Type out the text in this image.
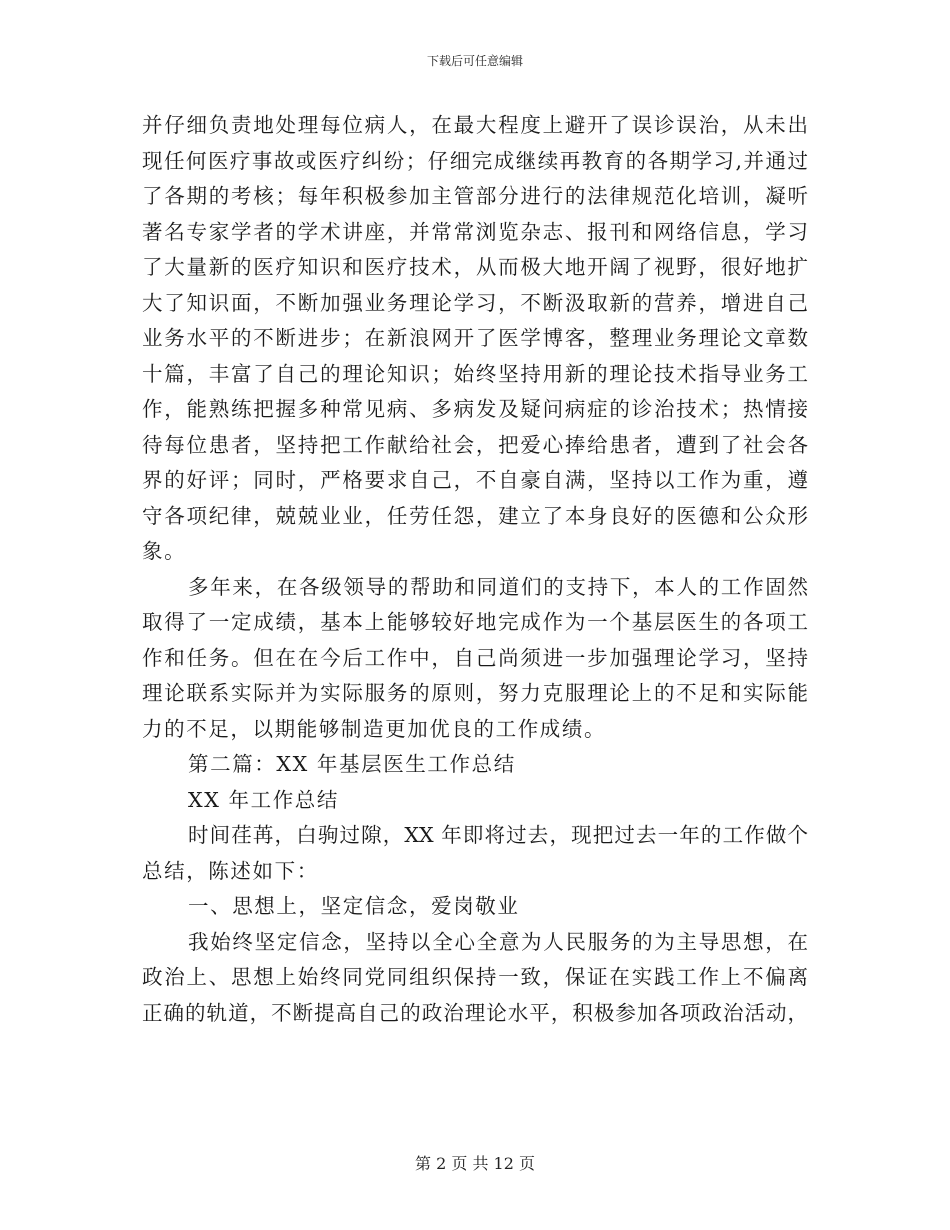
下载后可任意编辑
并仔细负责地处理每位病人，在最大程度上避开了误诊误治，从未出
现任何医疗事故或医疗纠纷；仔细完成继续再教育的各期学习,并通过
了各期的考核；每年积极参加主管部分进行的法律规范化培训，凝听
著名专家学者的学术讲座，并常常浏览杂志、报刊和网络信息，学习
了大量新的医疗知识和医疗技术，从而极大地开阔了视野，很好地扩
大了知识面，不断加强业务理论学习，不断汲取新的营养，增进自己
业务水平的不断进步；在新浪网开了医学博客，整理业务理论文章数
十篇，丰富了自己的理论知识；始终坚持用新的理论技术指导业务工
作，能熟练把握多种常见病、多病发及疑问病症的诊治技术；热情接
待每位患者，坚持把工作献给社会，把爱心捧给患者，遭到了社会各
界的好评；同时，严格要求自己，不自豪自满，坚持以工作为重，遵
守各项纪律，兢兢业业，任劳任怨，建立了本身良好的医德和公众形
象。
多年来，在各级领导的帮助和同道们的支持下，本人的工作固然
取得了一定成绩，基本上能够较好地完成作为一个基层医生的各项工
作和任务。但在在今后工作中，自己尚须进一步加强理论学习，坚持
理论联系实际并为实际服务的原则，努力克服理论上的不足和实际能
力的不足，以期能够制造更加优良的工作成绩。
第二篇：XX 年基层医生工作总结
XX 年工作总结
时间荏苒，白驹过隙，XX 年即将过去，现把过去一年的工作做个
总结，陈述如下：
一、思想上，坚定信念，爱岗敬业
我始终坚定信念，坚持以全心全意为人民服务的为主导思想，在
政治上、思想上始终同党同组织保持一致，保证在实践工作上不偏离
正确的轨道，不断提高自己的政治理论水平，积极参加各项政治活动，
第 2 页 共 12 页
